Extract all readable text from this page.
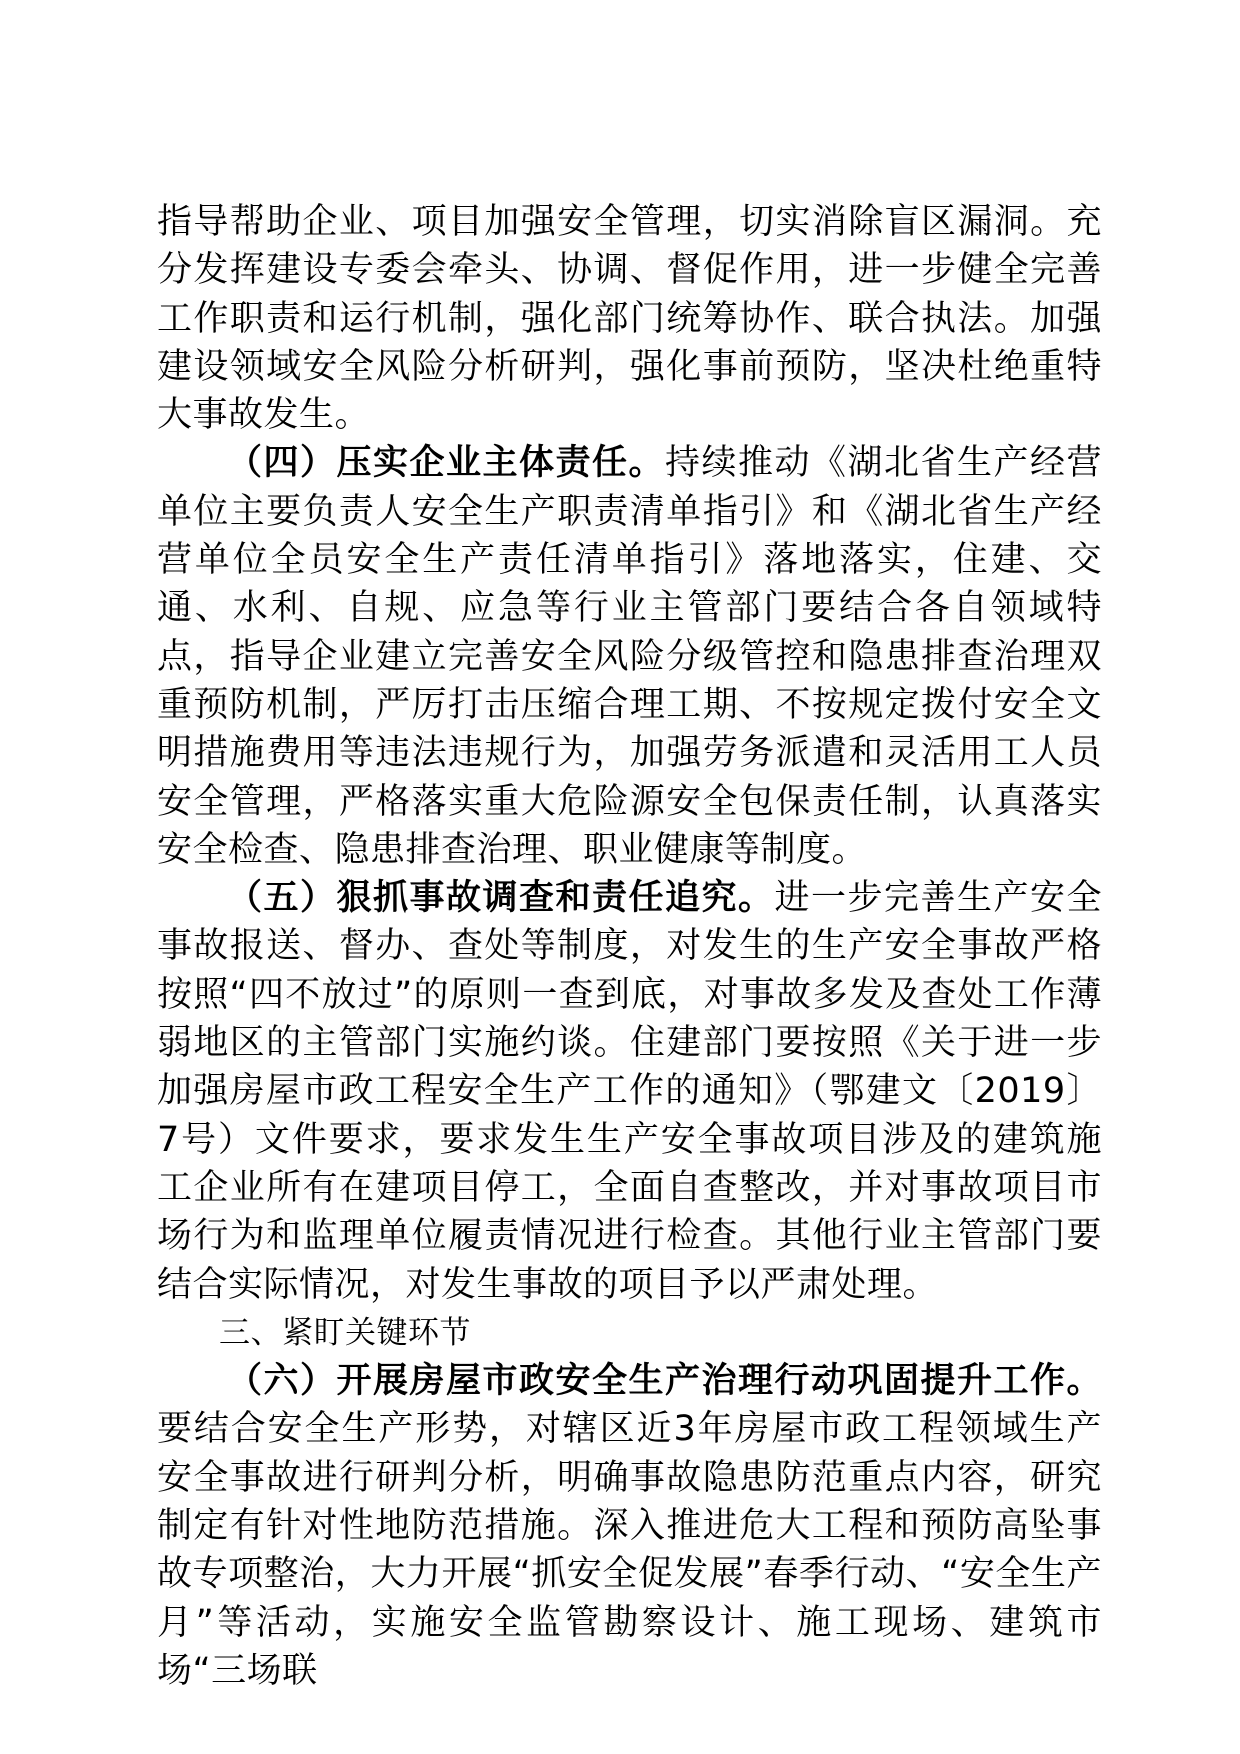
指导帮助企业、项目加强安全管理，切实消除盲区漏洞。充分发挥建设专委会牵头、协调、督促作用，进一步健全完善工作职责和运行机制，强化部门统筹协作、联合执法。加强建设领域安全风险分析研判，强化事前预防，坚决杜绝重特大事故发生。

（四）压实企业主体责任。持续推动《湖北省生产经营单位主要负责人安全生产职责清单指引》和《湖北省生产经营单位全员安全生产责任清单指引》落地落实，住建、交通、水利、自规、应急等行业主管部门要结合各自领域特点，指导企业建立完善安全风险分级管控和隐患排查治理双重预防机制，严厉打击压缩合理工期、不按规定拨付安全文明措施费用等违法违规行为，加强劳务派遣和灵活用工人员安全管理，严格落实重大危险源安全包保责任制，认真落实安全检查、隐患排查治理、职业健康等制度。

（五）狠抓事故调查和责任追究。进一步完善生产安全事故报送、督办、查处等制度，对发生的生产安全事故严格按照“四不放过”的原则一查到底，对事故多发及查处工作薄弱地区的主管部门实施约谈。住建部门要按照《关于进一步加强房屋市政工程安全生产工作的通知》（鄂建文〔2019〕7号）文件要求，要求发生生产安全事故项目涉及的建筑施工企业所有在建项目停工，全面自查整改，并对事故项目市场行为和监理单位履责情况进行检查。其他行业主管部门要结合实际情况，对发生事故的项目予以严肃处理。

三、紧盯关键环节

（六）开展房屋市政安全生产治理行动巩固提升工作。要结合安全生产形势，对辖区近3年房屋市政工程领域生产安全事故进行研判分析，明确事故隐患防范重点内容，研究制定有针对性地防范措施。深入推进危大工程和预防高坠事故专项整治，大力开展“抓安全促发展”春季行动、“安全生产月”等活动，实施安全监管勘察设计、施工现场、建筑市场“三场联
